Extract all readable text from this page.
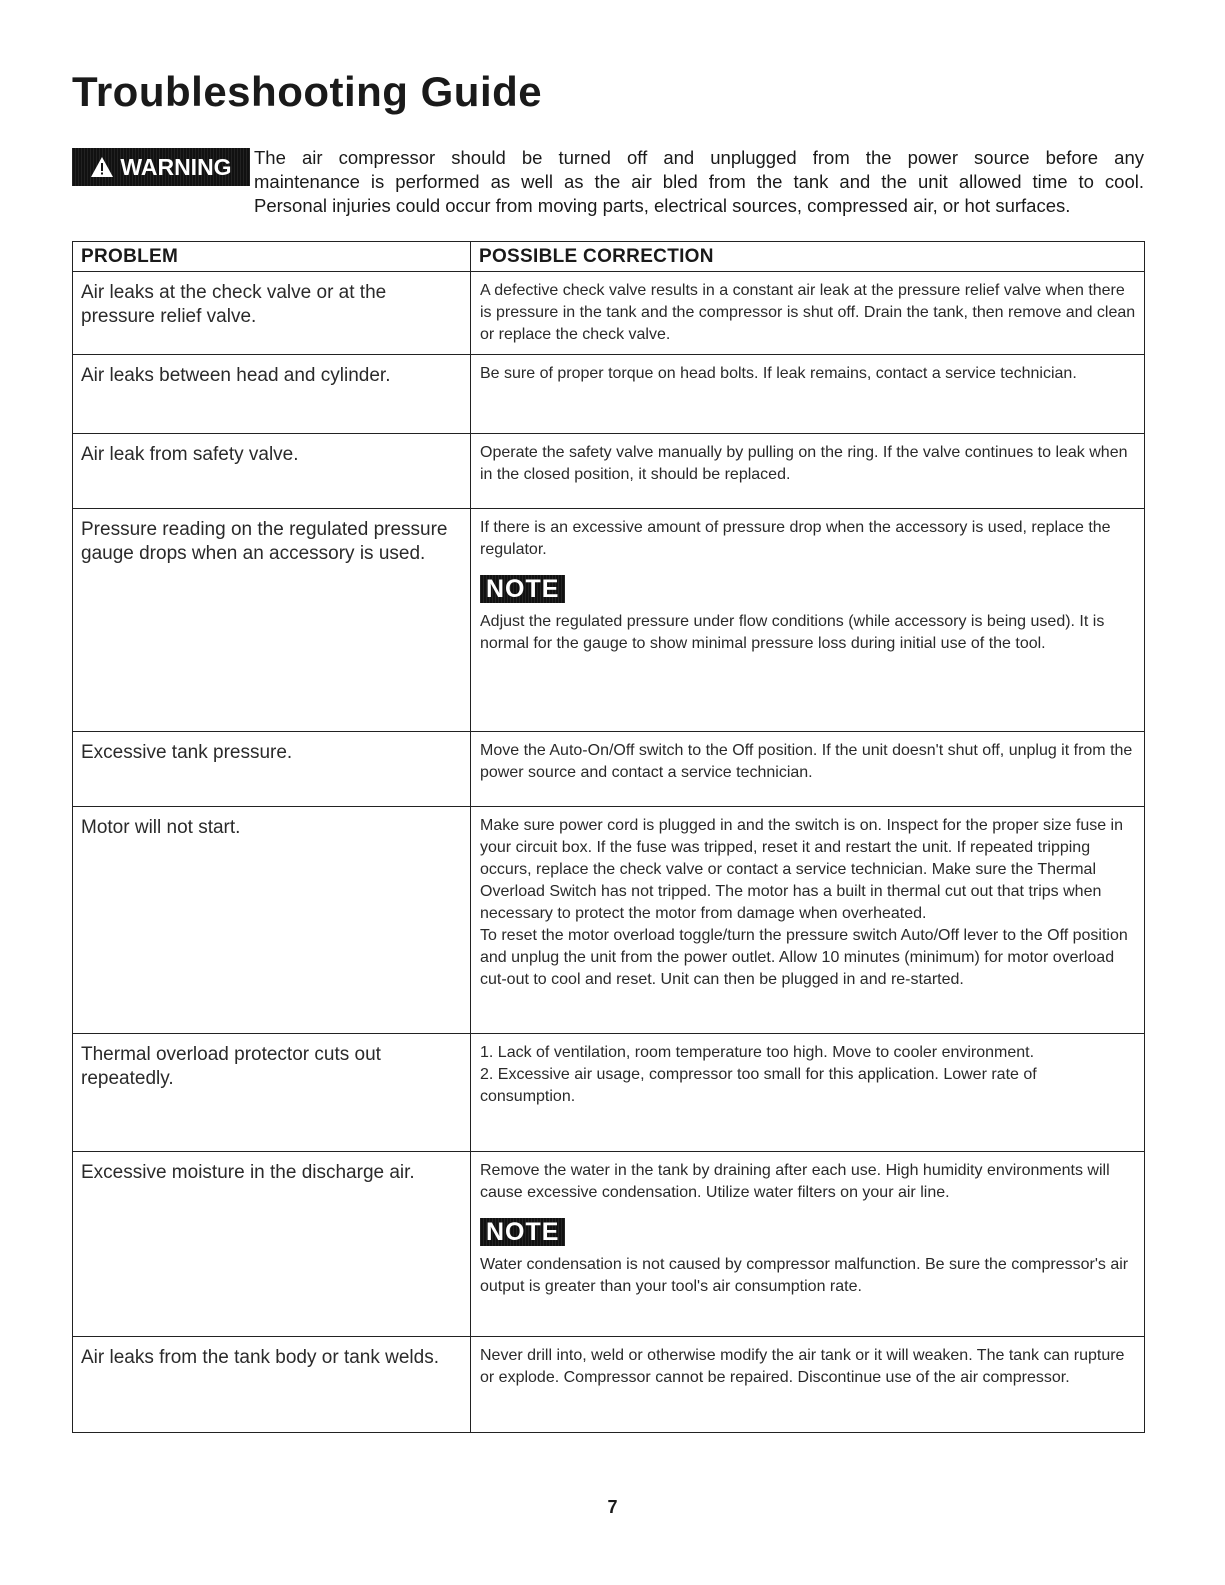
Troubleshooting Guide
WARNING	The air compressor should be turned off and unplugged from the power source before any
maintenance is performed as well as the air bled from the tank and the unit allowed time to cool.
Personal injuries could occur from moving parts, electrical sources, compressed air, or hot surfaces.
PROBLEM	POSSIBLE CORRECTION
Air leaks at the check valve or at the pressure relief valve.	A defective check valve results in a constant air leak at the pressure relief valve when there is pressure in the tank and the compressor is shut off. Drain the tank, then remove and clean or replace the check valve.
Air leaks between head and cylinder.	Be sure of proper torque on head bolts. If leak remains, contact a service technician.
Air leak from safety valve.	Operate the safety valve manually by pulling on the ring. If the valve continues to leak when in the closed position, it should be replaced.
Pressure reading on the regulated pressure gauge drops when an accessory is used.	If there is an excessive amount of pressure drop when the accessory is used, replace the regulator.

NOTE

Adjust the regulated pressure under flow conditions (while accessory is being used). It is normal for the gauge to show minimal pressure loss during initial use of the tool.

Excessive tank pressure.	Move the Auto-On/Off switch to the Off position. If the unit doesn't shut off, unplug it from the power source and contact a service technician.
Motor will not start.	Make sure power cord is plugged in and the switch is on. Inspect for the proper size fuse in your circuit box. If the fuse was tripped, reset it and restart the unit. If repeated tripping occurs, replace the check valve or contact a service technician. Make sure the Thermal Overload Switch has not tripped. The motor has a built in thermal cut out that trips when necessary to protect the motor from damage when overheated.

To reset the motor overload toggle/turn the pressure switch Auto/Off lever to the Off position and unplug the unit from the power outlet. Allow 10 minutes (minimum) for motor overload cut-out to cool and reset. Unit can then be plugged in and re-started.

Thermal overload protector cuts out repeatedly.	1. Lack of ventilation, room temperature too high. Move to cooler environment.

2. Excessive air usage, compressor too small for this application. Lower rate of consumption.

Excessive moisture in the discharge air.	Remove the water in the tank by draining after each use. High humidity environments will cause excessive condensation. Utilize water filters on your air line.

NOTE

Water condensation is not caused by compressor malfunction. Be sure the compressor's air output is greater than your tool's air consumption rate.

Air leaks from the tank body or tank welds.	Never drill into, weld or otherwise modify the air tank or it will weaken. The tank can rupture or explode. Compressor cannot be repaired. Discontinue use of the air compressor.
7
